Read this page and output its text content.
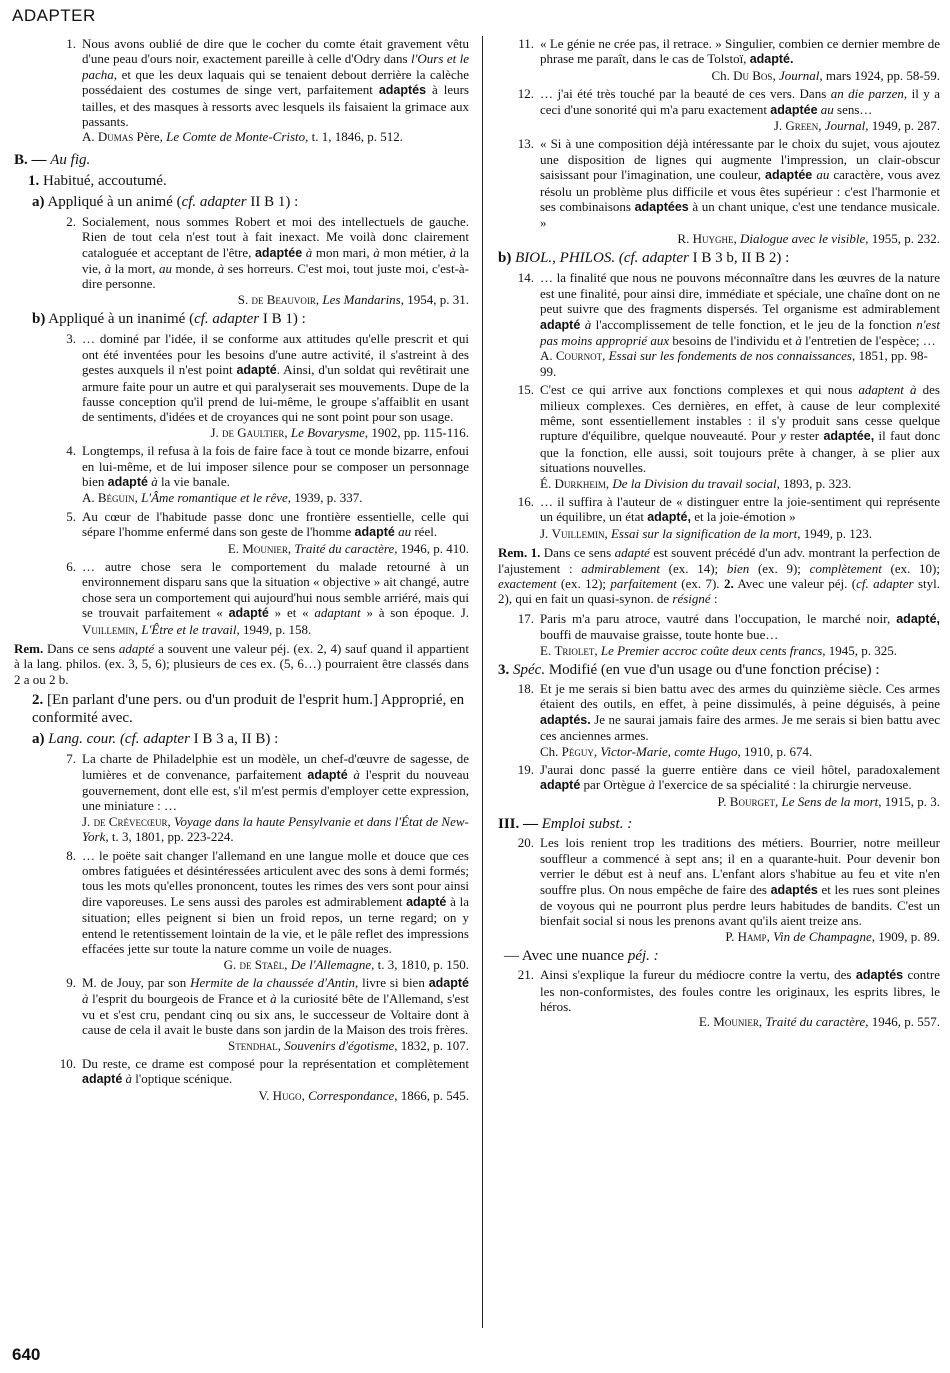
ADAPTER
1. Nous avons oublié de dire que le cocher du comte était gravement vêtu d'une peau d'ours noir, exactement pareille à celle d'Odry dans l'Ours et le pacha, et que les deux laquais qui se tenaient debout derrière la calèche possédaient des costumes de singe vert, parfaitement adaptés à leurs tailles, et des masques à ressorts avec lesquels ils faisaient la grimace aux passants.
A. Dumas Père, Le Comte de Monte-Cristo, t. 1, 1846, p. 512.
B. — Au fig.
1. Habitué, accoutumé.
a) Appliqué à un animé (cf. adapter II B 1) :
2. Socialement, nous sommes Robert et moi des intellectuels de gauche. Rien de tout cela n'est tout à fait inexact. Me voilà donc clairement cataloguée et acceptant de l'être, adaptée à mon mari, à mon métier, à la vie, à la mort, au monde, à ses horreurs. C'est moi, tout juste moi, c'est-à-dire personne.
S. de Beauvoir, Les Mandarins, 1954, p. 31.
b) Appliqué à un inanimé (cf. adapter I B 1) :
3. … dominé par l'idée, il se conforme aux attitudes qu'elle prescrit et qui ont été inventées pour les besoins d'une autre activité, il s'astreint à des gestes auxquels il n'est point adapté. Ainsi, d'un soldat qui revêtirait une armure faite pour un autre et qui paralyserait ses mouvements. Dupe de la fausse conception qu'il prend de lui-même, le groupe s'affaiblit en usant de sentiments, d'idées et de croyances qui ne sont point pour son usage.
J. de Gaultier, Le Bovarysme, 1902, pp. 115-116.
4. Longtemps, il refusa à la fois de faire face à tout ce monde bizarre, enfoui en lui-même, et de lui imposer silence pour se composer un personnage bien adapté à la vie banale.
A. Béguin, L'Âme romantique et le rêve, 1939, p. 337.
5. Au cœur de l'habitude passe donc une frontière essentielle, celle qui sépare l'homme enfermé dans son geste de l'homme adapté au réel.
E. Mounier, Traité du caractère, 1946, p. 410.
6. … autre chose sera le comportement du malade retourné à un environnement disparu sans que la situation « objective » ait changé, autre chose sera un comportement qui aujourd'hui nous semble arriéré, mais qui se trouvait parfaitement « adapté » et « adaptant » à son époque. J. Vuillemin, L'Être et le travail, 1949, p. 158.
Rem. Dans ce sens adapté a souvent une valeur péj. (ex. 2, 4) sauf quand il appartient à la lang. philos. (ex. 3, 5, 6); plusieurs de ces ex. (5, 6…) pourraient être classés dans 2 a ou 2 b.
2. [En parlant d'une pers. ou d'un produit de l'esprit hum.] Approprié, en conformité avec.
a) Lang. cour. (cf. adapter I B 3 a, II B) :
7. La charte de Philadelphie est un modèle, un chef-d'œuvre de sagesse, de lumières et de convenance, parfaitement adapté à l'esprit du nouveau gouvernement, dont elle est, s'il m'est permis d'employer cette expression, une miniature : …
J. de Crèvecœur, Voyage dans la haute Pensylvanie et dans l'État de New-York, t. 3, 1801, pp. 223-224.
8. … le poëte sait changer l'allemand en une langue molle et douce que ces ombres fatiguées et désintéressées articulent avec des sons à demi formés; tous les mots qu'elles prononcent, toutes les rimes des vers sont pour ainsi dire vaporeuses. Le sens aussi des paroles est admirablement adapté à la situation; elles peignent si bien un froid repos, un terne regard; on y entend le retentissement lointain de la vie, et le pâle reflet des impressions effacées jette sur toute la nature comme un voile de nuages.
G. de Staël, De l'Allemagne, t. 3, 1810, p. 150.
9. M. de Jouy, par son Hermite de la chaussée d'Antin, livre si bien adapté à l'esprit du bourgeois de France et à la curiosité bête de l'Allemand, s'est vu et s'est cru, pendant cinq ou six ans, le successeur de Voltaire dont à cause de cela il avait le buste dans son jardin de la Maison des trois frères.
Stendhal, Souvenirs d'égotisme, 1832, p. 107.
10. Du reste, ce drame est composé pour la représentation et complètement adapté à l'optique scénique.
V. Hugo, Correspondance, 1866, p. 545.
11. « Le génie ne crée pas, il retrace. » Singulier, combien ce dernier membre de phrase me paraît, dans le cas de Tolstoï, adapté.
Ch. Du Bos, Journal, mars 1924, pp. 58-59.
12. … j'ai été très touché par la beauté de ces vers. Dans an die parzen, il y a ceci d'une sonorité qui m'a paru exactement adaptée au sens…
J. Green, Journal, 1949, p. 287.
13. « Si à une composition déjà intéressante par le choix du sujet, vous ajoutez une disposition de lignes qui augmente l'impression, un clair-obscur saisissant pour l'imagination, une couleur, adaptée au caractère, vous avez résolu un problème plus difficile et vous êtes supérieur : c'est l'harmonie et ses combinaisons adaptées à un chant unique, c'est une tendance musicale. »
R. Huyghe, Dialogue avec le visible, 1955, p. 232.
b) BIOL., PHILOS. (cf. adapter I B 3 b, II B 2) :
14. … la finalité que nous ne pouvons méconnaître dans les œuvres de la nature est une finalité, pour ainsi dire, immédiate et spéciale, une chaîne dont on ne peut suivre que des fragments dispersés. Tel organisme est admirablement adapté à l'accomplissement de telle fonction, et le jeu de la fonction n'est pas moins approprié aux besoins de l'individu et à l'entretien de l'espèce; …
A. Cournot, Essai sur les fondements de nos connaissances, 1851, pp. 98-99.
15. C'est ce qui arrive aux fonctions complexes et qui nous adaptent à des milieux complexes. Ces dernières, en effet, à cause de leur complexité même, sont essentiellement instables : il s'y produit sans cesse quelque rupture d'équilibre, quelque nouveauté. Pour y rester adaptée, il faut donc que la fonction, elle aussi, soit toujours prête à changer, à se plier aux situations nouvelles.
É. Durkheim, De la Division du travail social, 1893, p. 323.
16. … il suffira à l'auteur de « distinguer entre la joie-sentiment qui représente un équilibre, un état adapté, et la joie-émotion »
J. Vuillemin, Essai sur la signification de la mort, 1949, p. 123.
Rem. 1. Dans ce sens adapté est souvent précédé d'un adv. montrant la perfection de l'ajustement : admirablement (ex. 14); bien (ex. 9); complètement (ex. 10); exactement (ex. 12); parfaitement (ex. 7). 2. Avec une valeur péj. (cf. adapter styl. 2), qui en fait un quasi-synon. de résigné :
17. Paris m'a paru atroce, vautré dans l'occupation, le marché noir, adapté, bouffi de mauvaise graisse, toute honte bue…
E. Triolet, Le Premier accroc coûte deux cents francs, 1945, p. 325.
3. Spéc. Modifié (en vue d'un usage ou d'une fonction précise) :
18. Et je me serais si bien battu avec des armes du quinzième siècle. Ces armes étaient des outils, en effet, à peine dissimulés, à peine déguisés, à peine adaptés. Je ne saurai jamais faire des armes. Je me serais si bien battu avec ces anciennes armes.
Ch. Péguy, Victor-Marie, comte Hugo, 1910, p. 674.
19. J'aurai donc passé la guerre entière dans ce vieil hôtel, paradoxalement adapté par Ortègue à l'exercice de sa spécialité : la chirurgie nerveuse.
P. Bourget, Le Sens de la mort, 1915, p. 3.
III. — Emploi subst. :
20. Les lois renient trop les traditions des métiers. Bourrier, notre meilleur souffleur a commencé à sept ans; il en a quarante-huit. Pour devenir bon verrier le début est à neuf ans. L'enfant alors s'habitue au feu et vite n'en souffre plus. On nous empêche de faire des adaptés et les rues sont pleines de voyous qui ne pourront plus perdre leurs habitudes de bandits. C'est un bienfait social si nous les prenons avant qu'ils aient treize ans.
P. Hamp, Vin de Champagne, 1909, p. 89.
— Avec une nuance péj. :
21. Ainsi s'explique la fureur du médiocre contre la vertu, des adaptés contre les non-conformistes, des foules contre les originaux, les esprits libres, le héros.
E. Mounier, Traité du caractère, 1946, p. 557.
640
